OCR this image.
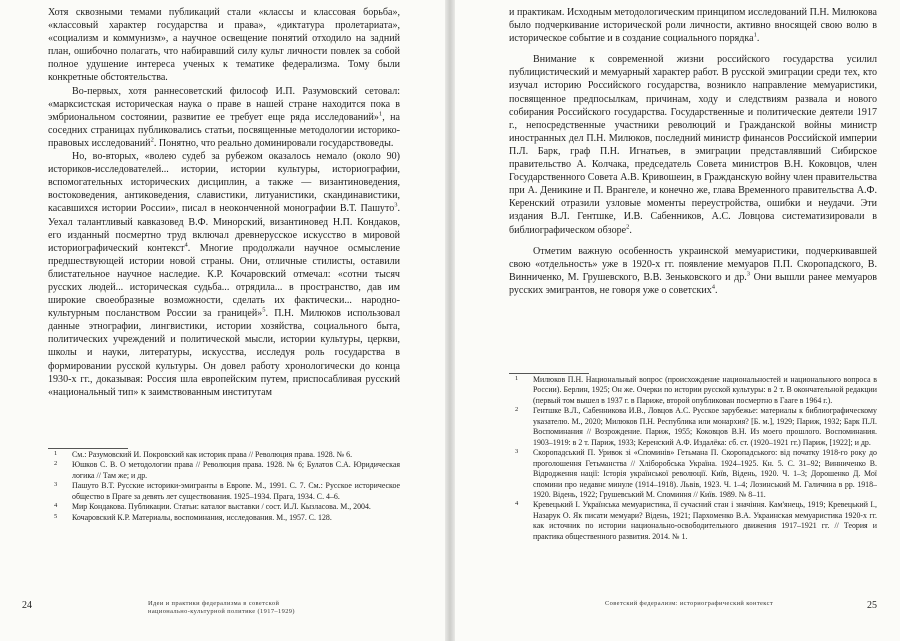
Хотя сквозными темами публикаций стали «классы и классовая борьба», «классовый характер государства и права», «диктатура пролетариата», «социализм и коммунизм», а научное освещение понятий отходило на задний план, ошибочно полагать, что набиравший силу культ личности повлек за собой полное удушение интереса ученых к тематике федерализма. Тому были конкретные обстоятельства.

Во-первых, хотя раннесоветский философ И.П. Разумовский сетовал: «марксистская историческая наука о праве в нашей стране находится пока в эмбриональном состоянии, развитие ее требует еще ряда исследований»$^1$, на соседних страницах публиковались статьи, посвященные методологии историко-правовых исследований$^2$. Понятно, что реально доминировали государствоведы.

Но, во-вторых, «волею судеб за рубежом оказалось немало (около 90) историков-исследователей... истории, истории культуры, историографии, вспомогательных исторических дисциплин, а также — византиноведения, востоковедения, антиковедения, славистики, литуанистики, скандинавистики, касавшихся истории России», писал в неоконченной монографии В.Т. Пашуто$^3$. Уехал талантливый кавказовед В.Ф. Минорский, византиновед Н.П. Кондаков, его изданный посмертно труд включал древнерусское искусство в мировой историографический контекст$^4$. Многие продолжали научное осмысление предшествующей истории новой страны. Они, отличные стилисты, оставили блистательное научное наследие. К.Р. Кочаровский отмечал: «сотни тысяч русских людей... историческая судьба... отрядила... в пространство, дав им широкие своеобразные возможности, сделать их фактически... народно-культурным посланством России за границей»$^5$. П.Н. Милюков использовал данные этнографии, лингвистики, истории хозяйства, социального быта, политических учреждений и политической мысли, истории культуры, церкви, школы и науки, литературы, искусства, исследуя роль государства в формировании русской культуры. Он довел работу хронологически до конца 1930-х гг., доказывая: Россия шла европейским путем, приспосабливая русский «национальный тип» к заимствованным институтам

1 См.: Разумовский И. Покровский как историк права // Революция права. 1928. № 6.
2 Юшков С. В. О методологии права // Революция права. 1928. № 6; Булатов С.А. Юридическая логика // Там же; и др.
3 Пашуто В.Т. Русские историки-эмигранты в Европе. М., 1991. С. 7. См.: Русское историческое общество в Праге за девять лет существования. 1925–1934. Прага, 1934. С. 4–6.
4 Мир Кондакова. Публикации. Статьи: каталог выставки / сост. И.Л. Кызласова. М., 2004.
5 Кочаровский К.Р. Материалы, воспоминания, исследования. М., 1957. С. 128.
24	Идеи и практики федерализма в советской
национально-культурной политике (1917–1929)

и практикам. Исходным методологическим принципом исследований П.Н. Милюкова было подчеркивание исторической роли личности, активно вносящей свою волю в историческое событие и в создание социального порядка$^1$.

Внимание к современной жизни российского государства усилил публицистический и мемуарный характер работ. В русской эмиграции среди тех, кто изучал историю Российского государства, возникло направление мемуаристики, посвященное предпосылкам, причинам, ходу и следствиям развала и нового собирания Российского государства. Государственные и политические деятели 1917 г., непосредственные участники революций и Гражданской войны министр иностранных дел П.Н. Милюков, последний министр финансов Российской империи П.Л. Барк, граф П.Н. Игнатьев, в эмиграции представлявший Сибирское правительство А. Колчака, председатель Совета министров В.Н. Коковцов, член Государственного Совета А.В. Кривошеин, в Гражданскую войну член правительства при А. Деникине и П. Врангеле, и конечно же, глава Временного правительства А.Ф. Керенский отразили узловые моменты переустройства, ошибки и неудачи. Эти издания В.Л. Гентшке, И.В. Сабенников, А.С. Ловцова систематизировали в библиографическом обзоре$^2$.

Отметим важную особенность украинской мемуаристики, подчеркивавшей свою «отдельность» уже в 1920-х гг. появление мемуаров П.П. Скоропадского, В. Винниченко, М. Грушевского, В.В. Зеньковского и др.$^3$ Они вышли ранее мемуаров русских эмигрантов, не говоря уже о советских$^4$.

1 Милюков П.Н. Национальный вопрос (происхождение национальностей и национального вопроса в России). Берлин, 1925; Он же. Очерки по истории русской культуры: в 2 т. В окончательной редакции (первый том вышел в 1937 г. в Париже, второй опубликован посмертно в Гааге в 1964 г.).
2 Гентшке В.Л., Сабенникова И.В., Ловцов А.С. Русское зарубежье: материалы к библиографическому указателю. М., 2020; Милюков П.Н. Республика или монархия? [Б. м.], 1929; Париж, 1932; Барк П.Л. Воспоминания // Возрождение. Париж, 1955; Коковцов В.Н. Из моего прошлого. Воспоминания. 1903–1919: в 2 т. Париж, 1933; Керенский А.Ф. Издалёка: сб. ст. (1920–1921 гг.) Париж, [1922]; и др.
3 Скоропадський П. Уривок зі «Споминів» Гетьмана П. Скоропадського: від початку 1918-го року до проголошення Гетьманства // Хліборобська Україна. 1924–1925. Кн. 5. С. 31–92; Винниченко В. Відродження нації: Історія української революції. Київ, Відень, 1920. Ч. 1–3; Дорошенко Д. Мої спомини про недавнє минуле (1914–1918). Львів, 1923. Ч. 1–4; Лозинський М. Галичина в рр. 1918–1920. Відень, 1922; Грушевський М. Споминня // Київ. 1989. № 8–11.
4 Кревецький І. Українська мемуаристика, її сучасний стан і значіння. Кам'янець, 1919; Кревецький І., Назарук О. Як писати мемуари? Відень, 1921; Пархоменко В.А. Украинская мемуаристика 1920-х гг. как источник по истории национально-освободительного движения 1917–1921 гг. // Теория и практика общественного развития. 2014. № 1.
Советский федерализм: историографический контекст	25
